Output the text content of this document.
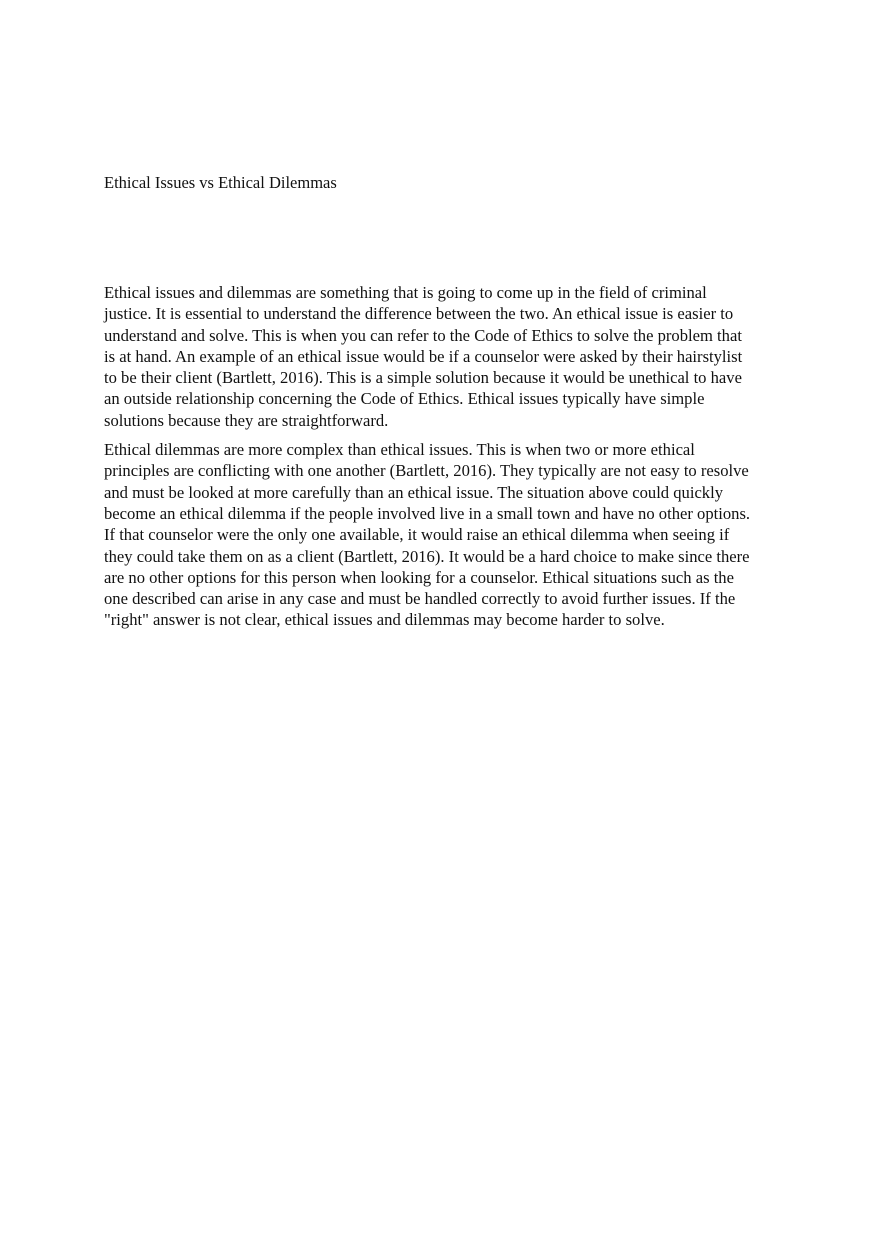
Ethical Issues vs Ethical Dilemmas

Ethical issues and dilemmas are something that is going to come up in the field of criminal
justice. It is essential to understand the difference between the two. An ethical issue is easier to
understand and solve. This is when you can refer to the Code of Ethics to solve the problem that
is at hand. An example of an ethical issue would be if a counselor were asked by their hairstylist
to be their client (Bartlett, 2016). This is a simple solution because it would be unethical to have
an outside relationship concerning the Code of Ethics. Ethical issues typically have simple
solutions because they are straightforward.

Ethical dilemmas are more complex than ethical issues. This is when two or more ethical
principles are conflicting with one another (Bartlett, 2016). They typically are not easy to resolve
and must be looked at more carefully than an ethical issue. The situation above could quickly
become an ethical dilemma if the people involved live in a small town and have no other options.
If that counselor were the only one available, it would raise an ethical dilemma when seeing if
they could take them on as a client (Bartlett, 2016). It would be a hard choice to make since there
are no other options for this person when looking for a counselor. Ethical situations such as the
one described can arise in any case and must be handled correctly to avoid further issues. If the
"right" answer is not clear, ethical issues and dilemmas may become harder to solve.
